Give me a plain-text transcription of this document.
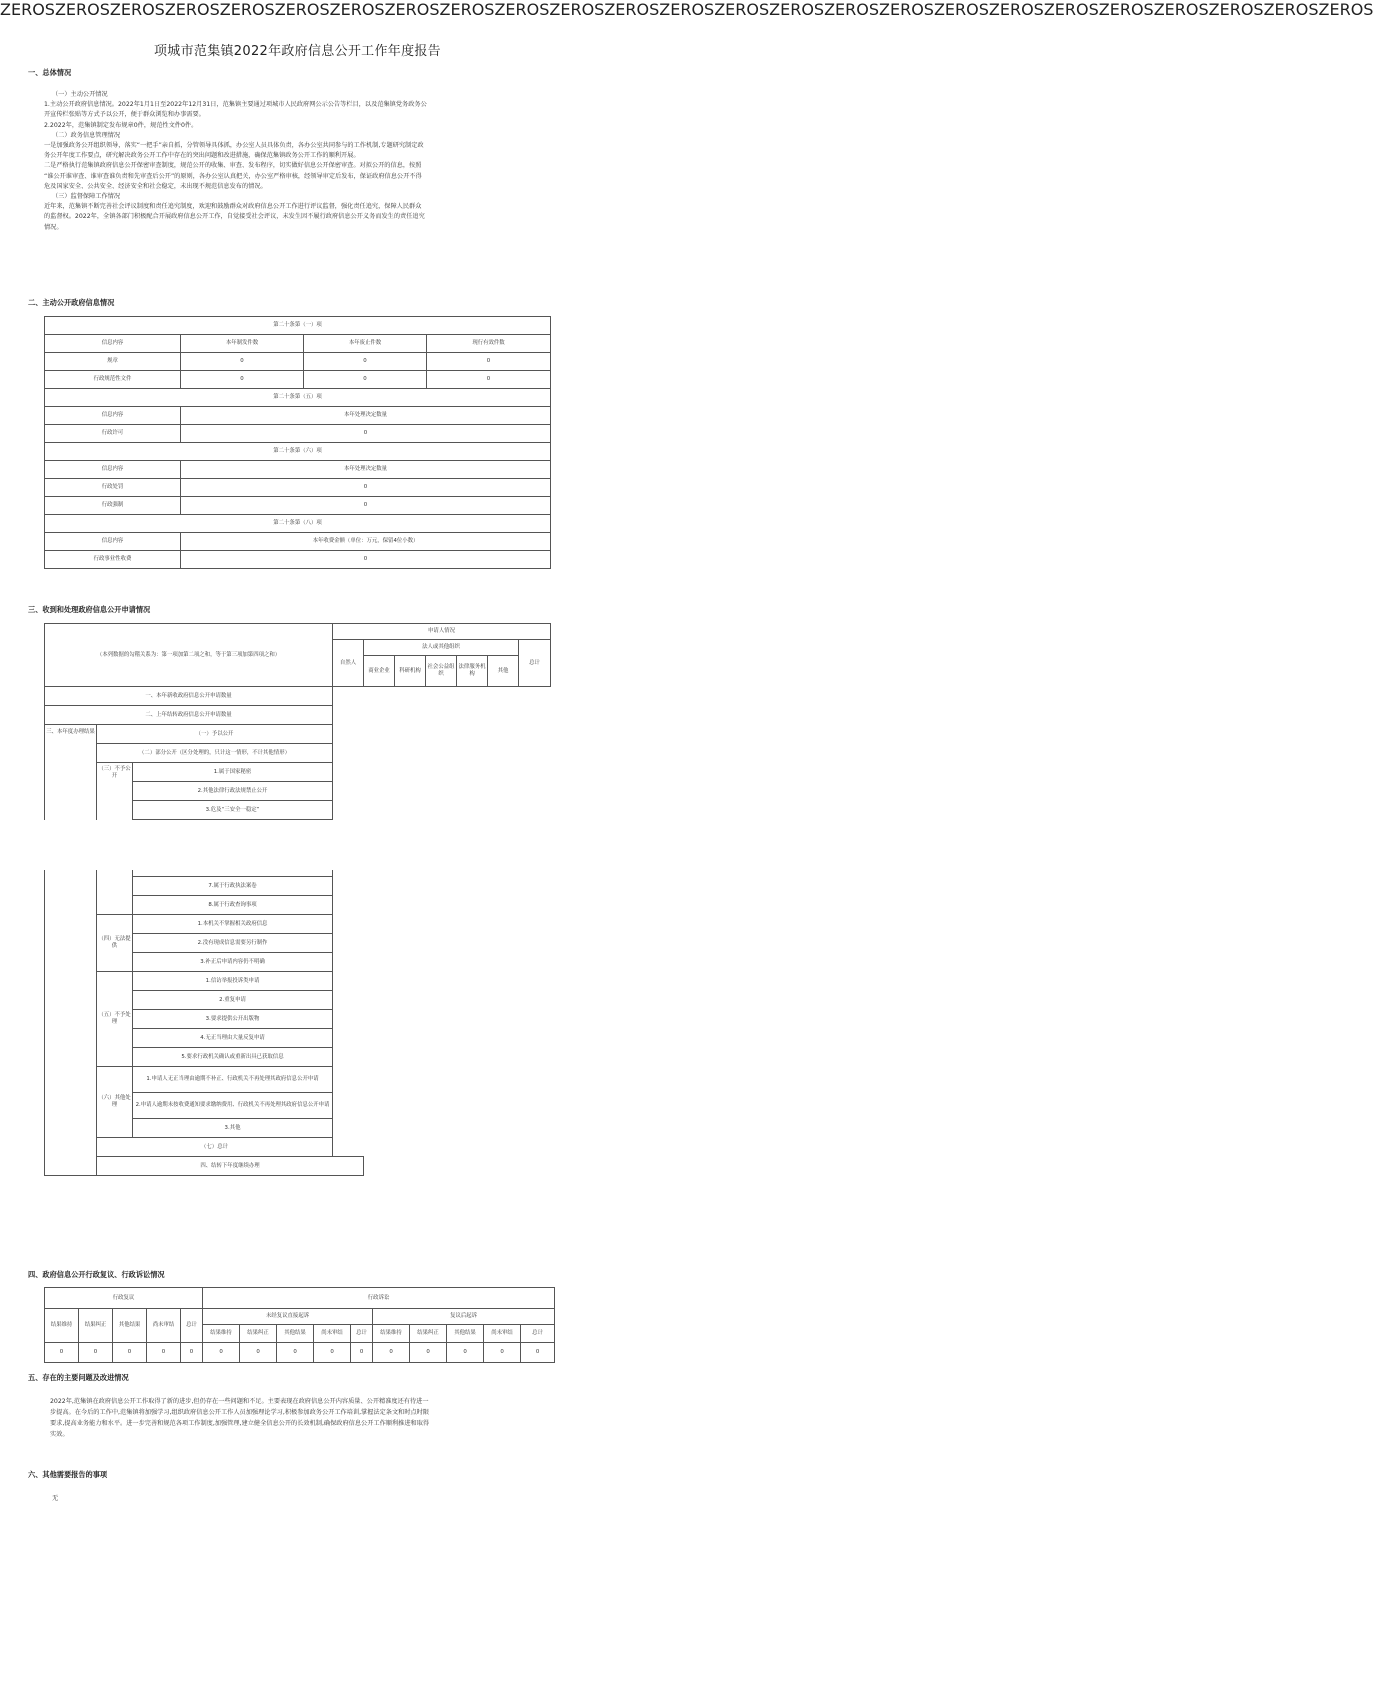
项城市范集镇2022年政府信息公开工作年度报告
一、总体情况
（一）主动公开情况
1.主动公开政府信息情况。2022年1月1日至2022年12月31日，范集镇主要通过项城市人民政府网公示公告等栏目，以及范集镇党务政务公
开宣传栏张贴等方式予以公开，便于群众浏览和办事需要。
2.2022年，范集镇制定发布规章0件，规范性文件0件。
（二）政务信息管理情况
一是加强政务公开组织领导，落实“一把手”亲自抓，分管领导具体抓，办公室人员具体负责，各办公室共同参与的工作机制,专题研究制定政
务公开年度工作要点，研究解决政务公开工作中存在的突出问题和改进措施，确保范集镇政务公开工作的顺利开展。
二是严格执行范集镇政府信息公开保密审查制度，规范公开的收集、审查、发布程序，切实做好信息公开保密审查。对拟公开的信息，按照
“谁公开谁审查、谁审查谁负责和先审查后公开”的原则，各办公室认真把关，办公室严格审核，经领导审定后发布，保证政府信息公开不得
危及国家安全、公共安全、经济安全和社会稳定，未出现不规范信息发布的情况。
（三）监督保障工作情况
近年来，范集镇不断完善社会评议制度和责任追究制度，欢迎和鼓励群众对政府信息公开工作进行评议监督，强化责任追究，保障人民群众
的监督权。2022年，全镇各部门积极配合开展政府信息公开工作，自觉接受社会评议，未发生因不履行政府信息公开义务而发生的责任追究
情况。
二、主动公开政府信息情况
第二十条第（一）项			
信息内容	本年制发件数	本年废止件数	现行有效件数
规章	0	0	0
行政规范性文件	0	0	0
第二十条第（五）项			
信息内容	本年处理决定数量		
行政许可	0		
第二十条第（六）项			
信息内容	本年处理决定数量		
行政处罚	0		
行政强制	0		
第二十条第（八）项			
信息内容	本年收费金额（单位：万元，保留4位小数）		
行政事业性收费	0		
三、收到和处理政府信息公开申请情况
ZEROSZEROSZEROSZEROSZEROSZEROSZEROSZEROSZEROSZEROSZEROSZEROSZEROSZEROSZEROSZEROSZEROSZEROSZEROSZEROSZEROSZEROSZEROSZEROSZEROS
（本列数据的勾稽关系为：第一项加第二项之和，等于第三项加第四项之和）			申请人情况						
			自然人	法人或其他组织					总计
				商业企业	科研机构	社会公益组织	法律服务机构	其他	
一、本年新收政府信息公开申请数量									
二、上年结转政府信息公开申请数量									
三、本年度办理结果	（一）予以公开								
	（二）部分公开（区分处理的，只计这一情形，不计其他情形）								
	（三）不予公开	1.属于国家秘密							
		2.其他法律行政法规禁止公开							
		3.危及“三安全一稳定”							

		7.属于行政执法案卷							
		8.属于行政查询事项							
	（四）无法提供	1.本机关不掌握相关政府信息							
		2.没有现成信息需要另行制作							
		3.补正后申请内容仍不明确							
	（五）不予处理	1.信访举报投诉类申请							
		2.重复申请							
		3.要求提供公开出版物							
		4.无正当理由大量反复申请							
		5.要求行政机关确认或重新出具已获取信息							
	（六）其他处理	1.申请人无正当理由逾期不补正、行政机关不再处理其政府信息公开申请							
		2.申请人逾期未按收费通知要求缴纳费用、行政机关不再处理其政府信息公开申请							
		3.其他							
	（七）总计								
	四、结转下年度继续办理								
四、政府信息公开行政复议、行政诉讼情况
行政复议					行政诉讼									
结果维持	结果纠正	其他结果	尚未审结	总计	未经复议直接起诉					复议后起诉				
					结果维持	结果纠正	其他结果	尚未审结	总计	结果维持	结果纠正	其他结果	尚未审结	总计
0	0	0	0	0	0	0	0	0	0	0	0	0	0	0
五、存在的主要问题及改进情况
2022年,范集镇在政府信息公开工作取得了新的进步,但仍存在一些问题和不足。主要表现在政府信息公开内容质量、公开精准度还有待进一
步提高。在今后的工作中,范集镇将加强学习,组织政府信息公开工作人员加强理论学习,积极参加政务公开工作培训,掌握法定条文和时点时限
要求,提高业务能力和水平。进一步完善和规范各项工作制度,加强管理,建立健全信息公开的长效机制,确保政府信息公开工作顺利推进和取得
实效。
六、其他需要报告的事项
无
